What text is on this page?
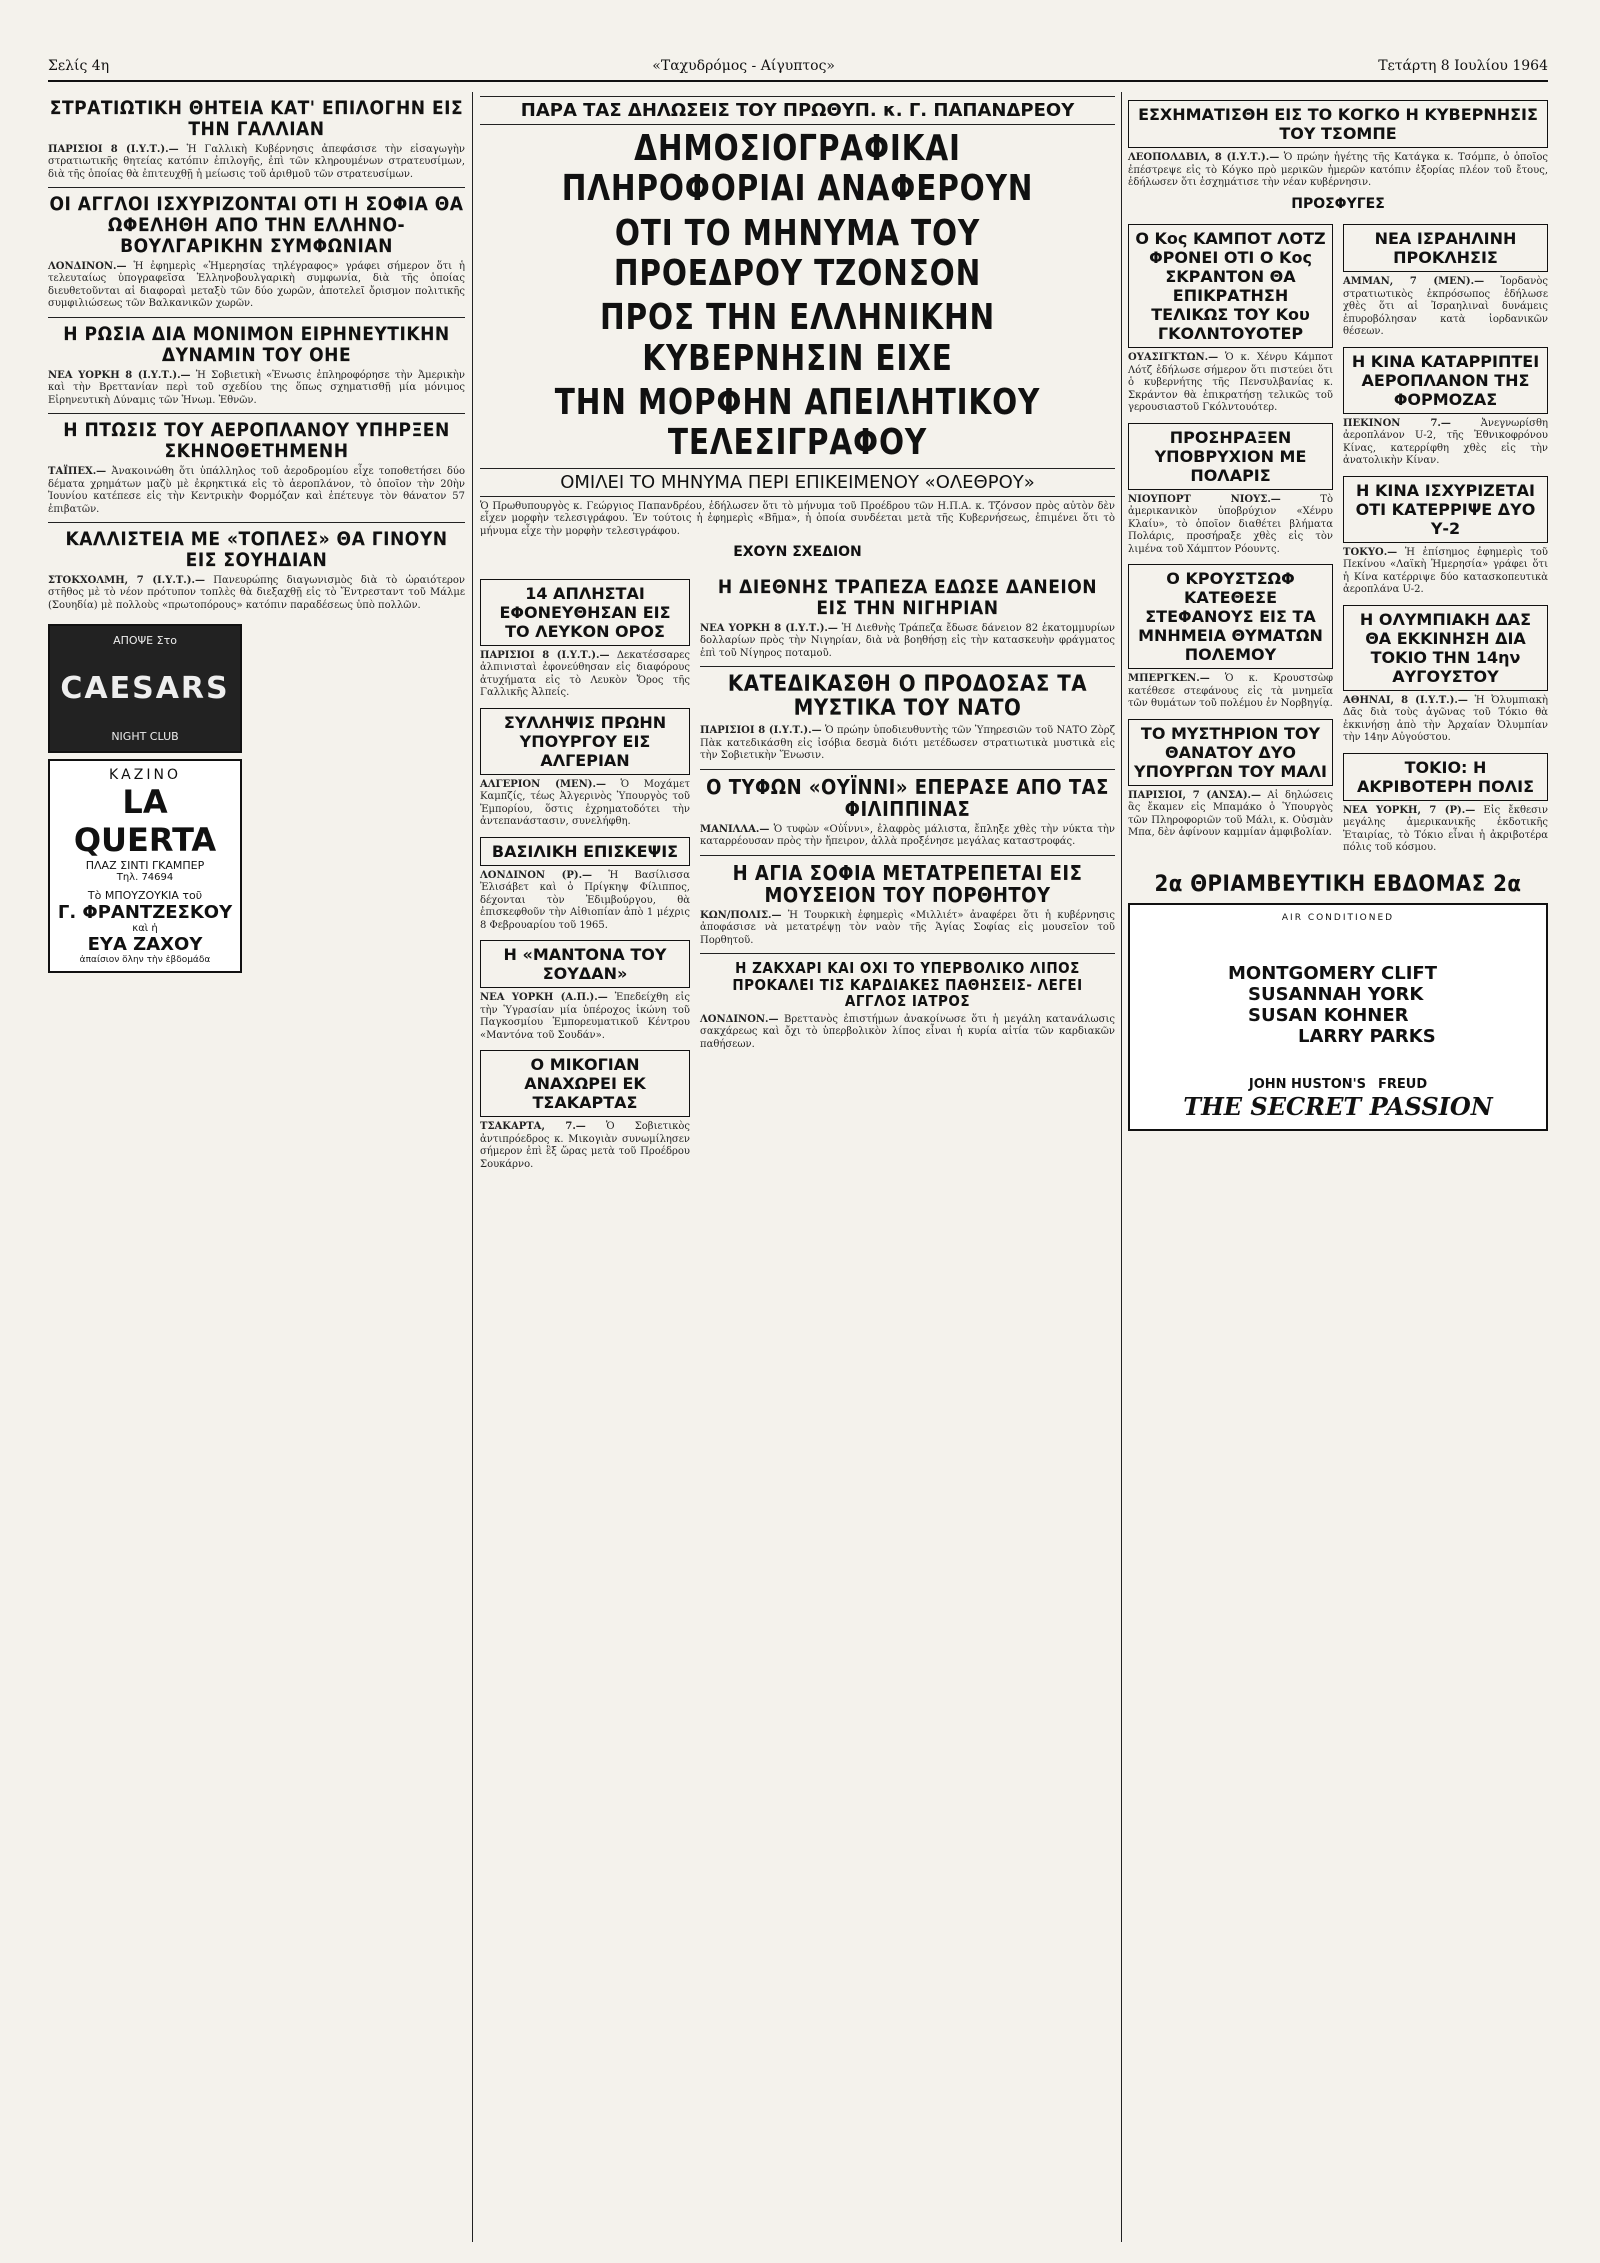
Σελίς 4η	«Ταχυδρόμος - Αίγυπτος»	Τετάρτη 8 Ιουλίου 1964
ΣΤΡΑΤΙΩΤΙΚΗ ΘΗΤΕΙΑ ΚΑΤ' ΕΠΙΛΟΓΗΝ ΕΙΣ ΤΗΝ ΓΑΛΛΙΑΝ
ΠΑΡΙΣΙΟΙ 8 (Ι.Υ.Τ.).— Ἡ Γαλλικὴ Κυβέρνησις ἀπεφάσισε τὴν εἰσαγωγὴν στρατιωτικῆς θητείας κατόπιν ἐπιλογῆς, ἐπὶ τῶν κληρουμένων στρατευσίμων, διὰ τῆς ὁποίας θὰ ἐπιτευχθῇ ἡ μείωσις τοῦ ἀριθμοῦ τῶν στρατευσίμων.
ΟΙ ΑΓΓΛΟΙ ΙΣΧΥΡΙΖΟΝΤΑΙ ΟΤΙ Η ΣΟΦΙΑ ΘΑ ΩΦΕΛΗΘΗ ΑΠΟ ΤΗΝ ΕΛΛΗΝΟ-ΒΟΥΛΓΑΡΙΚΗΝ ΣΥΜΦΩΝΙΑΝ
ΛΟΝΔΙΝΟΝ.— Ἡ ἐφημερὶς «Ἡμερησίας τηλέγραφος» γράφει σήμερον ὅτι ἡ τελευταίως ὑπογραφεῖσα Ἑλληνοβουλγαρικὴ συμφωνία, διὰ τῆς ὁποίας διευθετοῦνται αἱ διαφοραὶ μεταξὺ τῶν δύο χωρῶν, ἀποτελεῖ ὄρισμον πολιτικῆς συμφιλιώσεως τῶν Βαλκανικῶν χωρῶν.
Η ΡΩΣΙΑ ΔΙΑ ΜΟΝΙΜΟΝ ΕΙΡΗΝΕΥΤΙΚΗΝ ΔΥΝΑΜΙΝ ΤΟΥ ΟΗΕ
ΝΕΑ ΥΟΡΚΗ 8 (Ι.Υ.Τ.).— Ἡ Σοβιετικὴ «Ἑνωσις ἐπληροφόρησε τὴν Ἀμερικὴν καὶ τὴν Βρεττανίαν περὶ τοῦ σχεδίου της ὅπως σχηματισθῇ μία μόνιμος Εἰρηνευτικὴ Δύναμις τῶν Ἡνωμ. Ἐθνῶν.
Η ΠΤΩΣΙΣ ΤΟΥ ΑΕΡΟΠΛΑΝΟΥ ΥΠΗΡΞΕΝ ΣΚΗΝΟΘΕΤΗΜΕΝΗ
ΤΑΪΠΕΧ.— Ἀνακοινώθη ὅτι ὑπάλληλος τοῦ ἀεροδρομίου εἶχε τοποθετήσει δύο δέματα χρημάτων μαζὺ μὲ ἐκρηκτικά εἰς τὸ ἀεροπλάνον, τὸ ὁποῖον τὴν 20ὴν Ἰουνίου κατέπεσε εἰς τὴν Κεντρικὴν Φορμόζαν καὶ ἐπέτευγε τὸν θάνατον 57 ἐπιβατῶν.
ΚΑΛΛΙΣΤΕΙΑ ΜΕ «ΤΟΠΛΕΣ» ΘΑ ΓΙΝΟΥΝ ΕΙΣ ΣΟΥΗΔΙΑΝ
ΣΤΟΚΧΟΛΜΗ, 7 (Ι.Υ.Τ.).— Πανευρώπης διαγωνισμὸς διὰ τὸ ὡραιότερον στῆθος μὲ τὸ νέον πρότυπον τοπλὲς θὰ διεξαχθῇ εἰς τὸ Ἔντρεσταντ τοῦ Μάλμε (Σουηδία) μὲ πολλοὺς «πρωτοπόρους» κατόπιν παραδέσεως ὑπὸ πολλῶν.
ΑΠΟΨΕ Στο
CAESARS
NIGHT CLUB
ΚΑΖΙΝΟ
LA QUERTA
ΠΛΑΖ ΣΙΝΤΙ ΓΚΑΜΠΕΡ
Τηλ. 74694
Τὸ ΜΠΟΥΖΟΥΚΙΑ τοῦ
Γ. ΦΡΑΝΤΖΕΣΚΟΥ
καὶ ἡ
ΕΥΑ ΖΑΧΟΥ
ἀπαίσιον ὅλην τὴν ἑβδομάδα
ΠΑΡΑ ΤΑΣ ΔΗΛΩΣΕΙΣ ΤΟΥ ΠΡΩΘΥΠ. κ. Γ. ΠΑΠΑΝΔΡΕΟΥ
ΔΗΜΟΣΙΟΓΡΑΦΙΚΑΙ ΠΛΗΡΟΦΟΡΙΑΙ ΑΝΑΦΕΡΟΥΝ
ΟΤΙ ΤΟ ΜΗΝΥΜΑ ΤΟΥ ΠΡΟΕΔΡΟΥ ΤΖΟΝΣΟΝ
ΠΡΟΣ ΤΗΝ ΕΛΛΗΝΙΚΗΝ ΚΥΒΕΡΝΗΣΙΝ ΕΙΧΕ
ΤΗΝ ΜΟΡΦΗΝ ΑΠΕΙΛΗΤΙΚΟΥ ΤΕΛΕΣΙΓΡΑΦΟΥ
ΟΜΙΛΕΙ ΤΟ ΜΗΝΥΜΑ ΠΕΡΙ ΕΠΙΚΕΙΜΕΝΟΥ «ΟΛΕΘΡΟΥ»
Ὁ Πρωθυπουργὸς κ. Γεώργιος Παπανδρέου, ἐδήλωσεν ὅτι τὸ μήνυμα τοῦ Προέδρου τῶν Η.Π.Α. κ. Τζόνσον πρὸς αὐτὸν δὲν εἶχεν μορφὴν τελεσιγράφου. Ἐν τούτοις ἡ ἐφημερὶς «Βῆμα», ἡ ὁποία συνδέεται μετὰ τῆς Κυβερνήσεως, ἐπιμένει ὅτι τὸ μήνυμα εἶχε τὴν μορφὴν τελεσιγράφου.
ΕΧΟΥΝ ΣΧΕΔΙΟΝ
14 ΑΠΛΗΣΤΑΙ ΕΦΟΝΕΥΘΗΣΑΝ ΕΙΣ ΤΟ ΛΕΥΚΟΝ ΟΡΟΣ
ΠΑΡΙΣΙΟΙ 8 (Ι.Υ.Τ.).— Δεκατέσσαρες ἀλπινισταὶ ἐφονεύθησαν εἰς διαφόρους ἀτυχήματα εἰς τὸ Λευκὸν Ὄρος τῆς Γαλλικῆς Ἀλπείς.
ΣΥΛΛΗΨΙΣ ΠΡΩΗΝ ΥΠΟΥΡΓΟΥ ΕΙΣ ΑΛΓΕΡΙΑΝ
ΑΛΓΕΡΙΟΝ (ΜΕΝ).— Ὁ Μοχάμετ Καμπζίς, τέως Ἀλγερινὸς Ὑπουργὸς τοῦ Ἐμπορίου, ὅστις ἐχρηματοδότει τὴν ἀντεπανάστασιν, συνελήφθη.
ΒΑΣΙΛΙΚΗ ΕΠΙΣΚΕΨΙΣ
ΛΟΝΔΙΝΟΝ (Ρ).— Ἡ Βασίλισσα Ἐλισάβετ καὶ ὁ Πρίγκηψ Φίλιππος, δέχονται τὸν Ἐδιμβούργου, θὰ ἐπισκεφθοῦν τὴν Αἰθιοπίαν ἀπὸ 1 μέχρις 8 Φεβρουαρίου τοῦ 1965.
Η «ΜΑΝΤΟΝΑ ΤΟΥ ΣΟΥΔΑΝ»
ΝΕΑ ΥΟΡΚΗ (Α.Π.).— Ἐπεδείχθη εἰς τὴν Ὑγρασίαν μία ὑπέροχος ἰκώνη τοῦ Παγκοσμίου Ἐμπορευματικοῦ Κέντρου «Μαντόνα τοῦ Σουδάν».
Ο ΜΙΚΟΓΙΑΝ ΑΝΑΧΩΡΕΙ ΕΚ ΤΣΑΚΑΡΤΑΣ
ΤΣΑΚΑΡΤΑ, 7.— Ὁ Σοβιετικὸς ἀντιπρόεδρος κ. Μικογιὰν συνωμίλησεν σήμερον ἐπὶ ἓξ ὥρας μετὰ τοῦ Προέδρου Σουκάρνο.
Η ΔΙΕΘΝΗΣ ΤΡΑΠΕΖΑ ΕΔΩΣΕ ΔΑΝΕΙΟΝ ΕΙΣ ΤΗΝ ΝΙΓΗΡΙΑΝ
ΝΕΑ ΥΟΡΚΗ 8 (Ι.Υ.Τ.).— Ἡ Διεθνὴς Τράπεζα ἔδωσε δάνειον 82 ἑκατομμυρίων δολλαρίων πρὸς τὴν Νιγηρίαν, διὰ νὰ βοηθήσῃ εἰς τὴν κατασκευὴν φράγματος ἐπὶ τοῦ Νίγηρος ποταμοῦ.
ΚΑΤΕΔΙΚΑΣΘΗ Ο ΠΡΟΔΟΣΑΣ ΤΑ ΜΥΣΤΙΚΑ ΤΟΥ ΝΑΤΟ
ΠΑΡΙΣΙΟΙ 8 (Ι.Υ.Τ.).— Ὁ πρώην ὑποδιευθυντὴς τῶν Ὑπηρεσιῶν τοῦ ΝΑΤΟ Ζὸρζ Πὰκ κατεδικάσθη εἰς ἰσόβια δεσμὰ διότι μετέδωσεν στρατιωτικὰ μυστικὰ εἰς τὴν Σοβιετικὴν Ἕνωσιν.
Ο ΤΥΦΩΝ «ΟΥΪΝΝΙ» ΕΠΕΡΑΣΕ ΑΠΟ ΤΑΣ ΦΙΛΙΠΠΙΝΑΣ
ΜΑΝΙΛΛΑ.— Ὁ τυφὼν «Οὐΐννι», ἐλαφρὸς μάλιστα, ἔπληξε χθὲς τὴν νύκτα τὴν καταρρέουσαν πρὸς τὴν ἤπειρον, ἀλλὰ προξένησε μεγάλας καταστροφάς.
Η ΑΓΙΑ ΣΟΦΙΑ ΜΕΤΑΤΡΕΠΕΤΑΙ ΕΙΣ ΜΟΥΣΕΙΟΝ ΤΟΥ ΠΟΡΘΗΤΟΥ
ΚΩΝ/ΠΟΛΙΣ.— Ἡ Τουρκικὴ ἐφημερὶς «Μιλλιέτ» ἀναφέρει ὅτι ἡ κυβέρνησις ἀποφάσισε νὰ μετατρέψῃ τὸν ναὸν τῆς Ἁγίας Σοφίας εἰς μουσεῖον τοῦ Πορθητοῦ.
Η ΖΑΚΧΑΡΙ ΚΑΙ ΟΧΙ ΤΟ ΥΠΕΡΒΟΛΙΚΟ ΛΙΠΟΣ ΠΡΟΚΑΛΕΙ ΤΙΣ ΚΑΡΔΙΑΚΕΣ ΠΑΘΗΣΕΙΣ- ΛΕΓΕΙ ΑΓΓΛΟΣ ΙΑΤΡΟΣ
ΛΟΝΔΙΝΟΝ.— Βρεττανὸς ἐπιστήμων ἀνακοίνωσε ὅτι ἡ μεγάλη κατανάλωσις σακχάρεως καὶ ὄχι τὸ ὑπερβολικὸν λίπος εἶναι ἡ κυρία αἰτία τῶν καρδιακῶν παθήσεων.
ΕΣΧΗΜΑΤΙΣΘΗ ΕΙΣ ΤΟ ΚΟΓΚΟ Η ΚΥΒΕΡΝΗΣΙΣ ΤΟΥ ΤΣΟΜΠΕ
ΛΕΟΠΟΛΔΒΙΛ, 8 (Ι.Υ.Τ.).— Ὁ πρώην ἡγέτης τῆς Κατάγκα κ. Τσόμπε, ὁ ὁποῖος ἐπέστρεψε εἰς τὸ Κόγκο πρὸ μερικῶν ἡμερῶν κατόπιν ἐξορίας πλέον τοῦ ἔτους, ἐδήλωσεν ὅτι ἐσχημάτισε τὴν νέαν κυβέρνησιν.
ΠΡΟΣΦΥΓΕΣ
Ο Κος ΚΑΜΠΟΤ ΛΟΤΖ ΦΡΟΝΕΙ ΟΤΙ Ο Κος ΣΚΡΑΝΤΟΝ ΘΑ ΕΠΙΚΡΑΤΗΣΗ ΤΕΛΙΚΩΣ ΤΟΥ Κου ΓΚΟΛΝΤΟΥΟΤΕΡ
ΟΥΑΣΙΓΚΤΩΝ.— Ὁ κ. Χένρυ Κάμποτ Λότζ ἐδήλωσε σήμερον ὅτι πιστεύει ὅτι ὁ κυβερνήτης τῆς Πενσυλβανίας κ. Σκράντον θὰ ἐπικρατήσῃ τελικῶς τοῦ γερουσιαστοῦ Γκόλντουότερ.
ΠΡΟΣΗΡΑΞΕΝ ΥΠΟΒΡΥΧΙΟΝ ΜΕ ΠΟΛΑΡΙΣ
ΝΙΟΥΠΟΡΤ ΝΙΟΥΣ.—	Τὸ ἀμερικανικὸν ὑποβρύχιον «Χένρυ Κλαίυ», τὸ ὁποῖον διαθέτει βλήματα Πολάρις, προσήραξε χθὲς εἰς τὸν λιμένα τοῦ Χάμπτον Ρόουντς.
Ο ΚΡΟΥΣΤΣΩΦ ΚΑΤΕΘΕΣΕ ΣΤΕΦΑΝΟΥΣ ΕΙΣ ΤΑ ΜΝΗΜΕΙΑ ΘΥΜΑΤΩΝ ΠΟΛΕΜΟΥ
ΜΠΕΡΓΚΕΝ.— Ὁ κ. Κρουστσὼφ κατέθεσε στεφάνους εἰς τὰ μνημεῖα τῶν θυμάτων τοῦ πολέμου ἐν Νορβηγίᾳ.
ΤΟ ΜΥΣΤΗΡΙΟΝ ΤΟΥ ΘΑΝΑΤΟΥ ΔΥΟ ΥΠΟΥΡΓΩΝ ΤΟΥ ΜΑΛΙ
ΠΑΡΙΣΙΟΙ, 7 (ΑΝΣΑ).— Αἱ δηλώσεις ἃς ἔκαμεν εἰς Μπαμάκο ὁ Ὑπουργὸς τῶν Πληροφοριῶν τοῦ Μάλι, κ. Οὐσμὰν Μπα, δὲν ἀφίνουν καμμίαν ἀμφιβολίαν.
ΝΕΑ ΙΣΡΑΗΛΙΝΗ ΠΡΟΚΛΗΣΙΣ
ΑΜΜΑΝ, 7 (ΜΕΝ).— Ἰορδανὸς στρατιωτικὸς ἐκπρόσωπος ἐδήλωσε χθὲς ὅτι αἱ Ἰσραηλιναὶ δυνάμεις ἐπυροβόλησαν κατὰ ἰορδανικῶν θέσεων.
Η ΚΙΝΑ ΚΑΤΑΡΡΙΠΤΕΙ ΑΕΡΟΠΛΑΝΟΝ ΤΗΣ ΦΟΡΜΟΖΑΣ
ΠΕΚΙΝΟΝ 7.—	Ἀνεγνωρίσθη ἀεροπλάνον U-2, τῆς Ἐθνικοφρόνου Κίνας, κατερρίφθη χθὲς εἰς τὴν ἀνατολικὴν Κίναν.
Η ΚΙΝΑ ΙΣΧΥΡΙΖΕΤΑΙ ΟΤΙ ΚΑΤΕΡΡΙΨΕ ΔΥΟ Υ-2
ΤΟΚΥΟ.— Ἡ ἐπίσημος ἐφημερὶς τοῦ Πεκίνου «Λαϊκὴ Ἡμερησία» γράφει ὅτι ἡ Κίνα κατέρριψε δύο κατασκοπευτικὰ ἀεροπλάνα U-2.
Η ΟΛΥΜΠΙΑΚΗ ΔΑΣ ΘΑ ΕΚΚΙΝΗΣΗ ΔΙΑ ΤΟΚΙΟ ΤΗΝ 14ην ΑΥΓΟΥΣΤΟΥ
ΑΘΗΝΑΙ, 8 (Ι.Υ.Τ.).— Ἡ Ὀλυμπιακὴ Δᾶς διὰ τοὺς ἀγῶνας τοῦ Τόκιο θὰ ἐκκινήσῃ ἀπὸ τὴν Ἀρχαίαν Ὀλυμπίαν τὴν 14ην Αὐγούστου.
ΤΟΚΙΟ: Η ΑΚΡΙΒΟΤΕΡΗ ΠΟΛΙΣ
ΝΕΑ ΥΟΡΚΗ, 7 (Ρ).— Εἰς ἔκθεσιν μεγάλης ἀμερικανικῆς ἐκδοτικῆς Ἑταιρίας, τὸ Τόκιο εἶναι ἡ ἀκριβοτέρα πόλις τοῦ κόσμου.
2α ΘΡΙΑΜΒΕΥΤΙΚΗ ΕΒΔΟΜΑΣ 2α
AIR CONDITIONED
MONTGOMERY CLIFT
SUSANNAH YORK
SUSAN KOHNER
LARRY PARKS
JOHN HUSTON'S FREUD
THE SECRET PASSION
